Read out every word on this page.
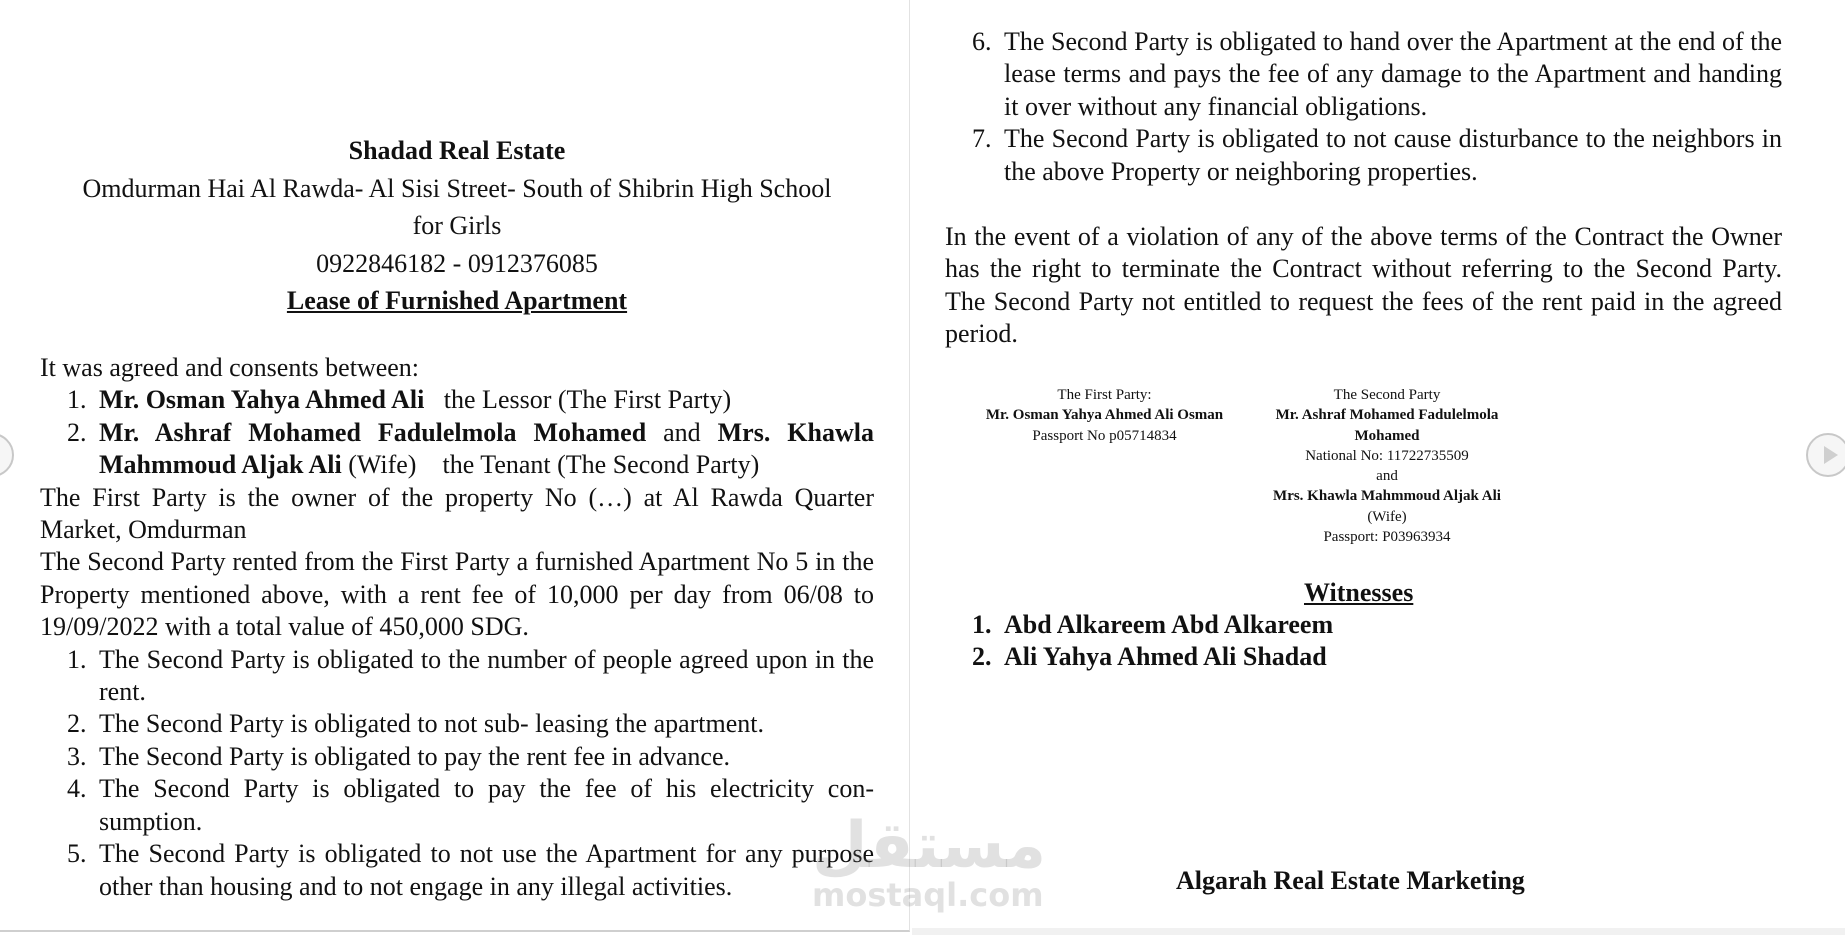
Shadad Real Estate
Omdurman Hai Al Rawda- Al Sisi Street- South of Shibrin High School
for Girls
0922846182 - 0912376085
Lease of Furnished Apartment

It was agreed and consents between:

1. Mr. Osman Yahya Ahmed Ali the Lessor (The First Party)
2. Mr. Ashraf Mohamed Fadulelmola Mohamed and Mrs. Khawla Mahmmoud Aljak Ali (Wife) the Tenant (The Second Party)

The First Party is the owner of the property No (…) at Al Rawda Quarter Market, Omdurman

The Second Party rented from the First Party a furnished Apartment No 5 in the Property mentioned above, with a rent fee of 10,000 per day from 06/08 to 19/09/2022 with a total value of 450,000 SDG.

1. The Second Party is obligated to the number of people agreed upon in the rent.
2. The Second Party is obligated to not sub- leasing the apartment.
3. The Second Party is obligated to pay the rent fee in advance.
4. The Second Party is obligated to pay the fee of his electricity consumption.
5. The Second Party is obligated to not use the Apartment for any purpose other than housing and to not engage in any illegal activities.
6. The Second Party is obligated to hand over the Apartment at the end of the lease terms and pays the fee of any damage to the Apartment and handing it over without any financial obligations.
7. The Second Party is obligated to not cause disturbance to the neighbors in the above Property or neighboring properties.

In the event of a violation of any of the above terms of the Contract the Owner has the right to terminate the Contract without referring to the Second Party. The Second Party not entitled to request the fees of the rent paid in the agreed period.

The First Party:
Mr. Osman Yahya Ahmed Ali Osman
Passport No p05714834
The Second Party
Mr. Ashraf Mohamed Fadulelmola
Mohamed
National No: 11722735509
and
Mrs. Khawla Mahmmoud Aljak Ali
(Wife)
Passport: P03963934
Witnesses
1. Abd Alkareem Abd Alkareem
2. Ali Yahya Ahmed Ali Shadad
Algarah Real Estate Marketing
مستقل
mostaql.com
